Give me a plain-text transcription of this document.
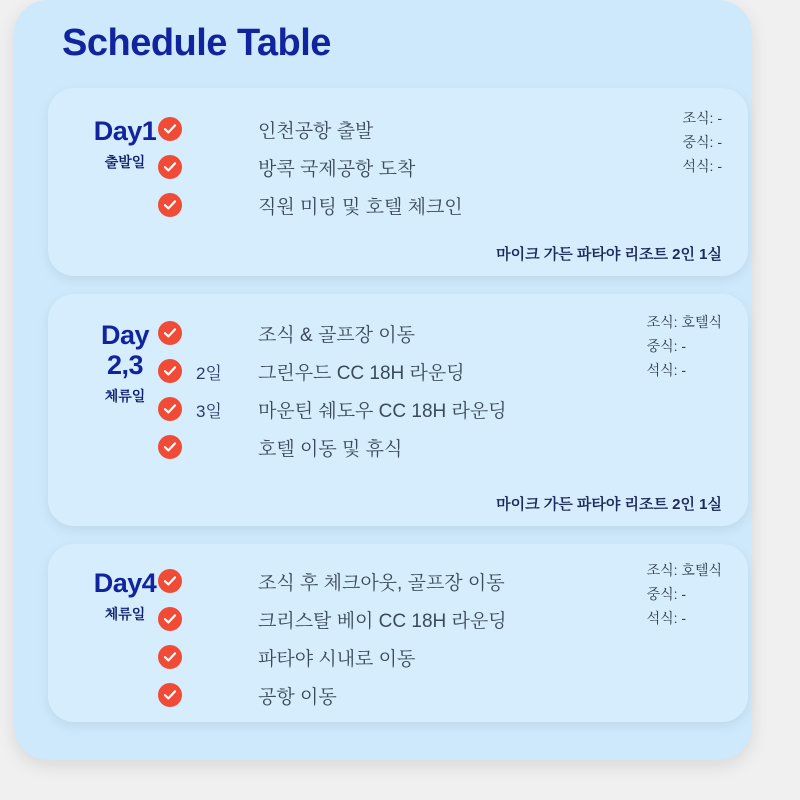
Schedule Table
Day1
출발일
인천공항 출발
방콕 국제공항 도착
직원 미팅 및 호텔 체크인
조식: -
중식: -
석식: -
마이크 가든 파타야 리조트 2인 1실
Day
2,3
체류일
조식 & 골프장 이동
2일	그린우드 CC 18H 라운딩
3일	마운틴 쉐도우 CC 18H 라운딩
호텔 이동 및 휴식
조식: 호텔식
중식: -
석식: -
마이크 가든 파타야 리조트 2인 1실
Day4
체류일
조식 후 체크아웃, 골프장 이동
크리스탈 베이 CC 18H 라운딩
파타야 시내로 이동
공항 이동
조식: 호텔식
중식: -
석식: -
